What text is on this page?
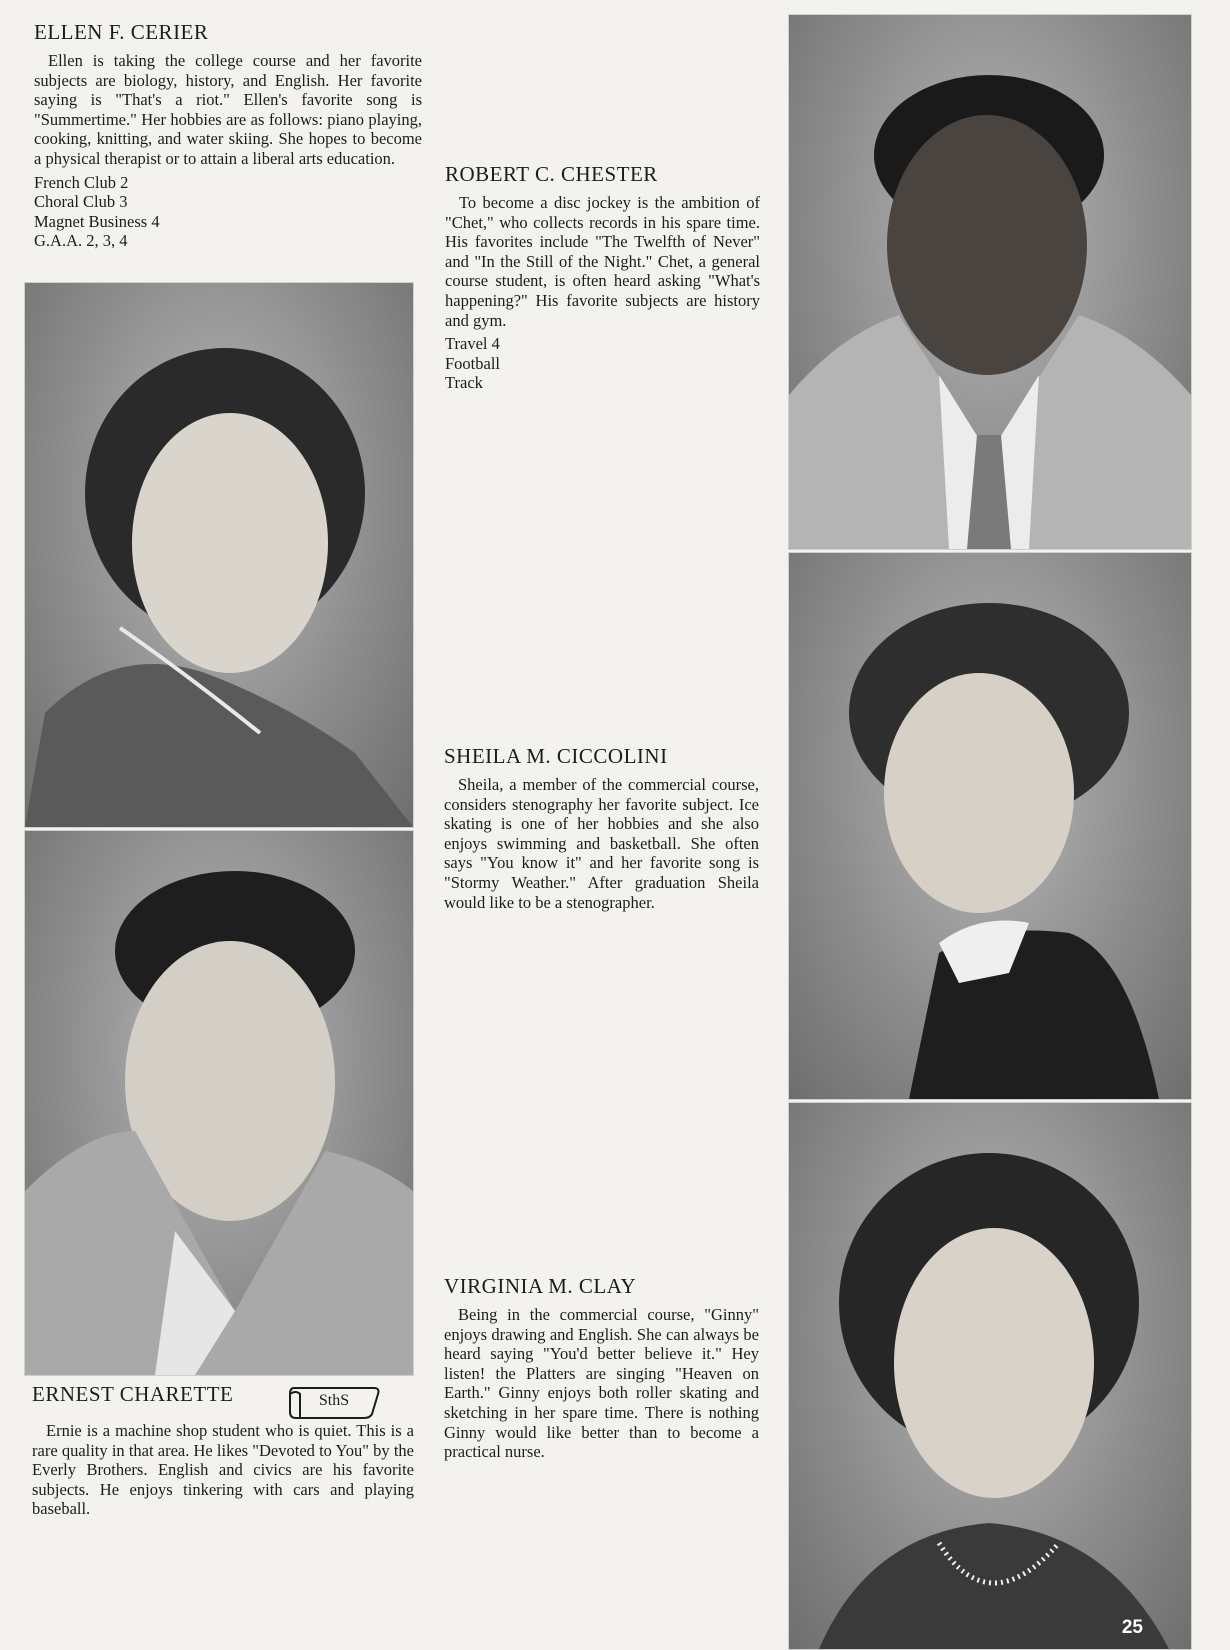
ELLEN F. CERIER

Ellen is taking the college course and her favorite subjects are biology, history, and English. Her favorite saying is "That's a riot." Ellen's favorite song is "Summertime." Her hobbies are as follows: piano playing, cooking, knitting, and water skiing. She hopes to become a physical therapist or to attain a liberal arts education.

French Club 2
Choral Club 3
Magnet Business 4
G.A.A. 2, 3, 4
ERNEST CHARETTE

Ernie is a machine shop student who is quiet. This is a rare quality in that area. He likes "Devoted to You" by the Everly Brothers. English and civics are his favorite subjects. He enjoys tinkering with cars and playing baseball.

SthS
ROBERT C. CHESTER

To become a disc jockey is the ambition of "Chet," who collects records in his spare time. His favorites include "The Twelfth of Never" and "In the Still of the Night." Chet, a general course student, is often heard asking "What's happening?" His favorite subjects are history and gym.

Travel 4
Football
Track
SHEILA M. CICCOLINI

Sheila, a member of the commercial course, considers stenography her favorite subject. Ice skating is one of her hobbies and she also enjoys swimming and basketball. She often says "You know it" and her favorite song is "Stormy Weather." After graduation Sheila would like to be a stenographer.

VIRGINIA M. CLAY

Being in the commercial course, "Ginny" enjoys drawing and English. She can always be heard saying "You'd better believe it." Hey listen! the Platters are singing "Heaven on Earth." Ginny enjoys both roller skating and sketching in her spare time. There is nothing Ginny would like better than to become a practical nurse.

25
